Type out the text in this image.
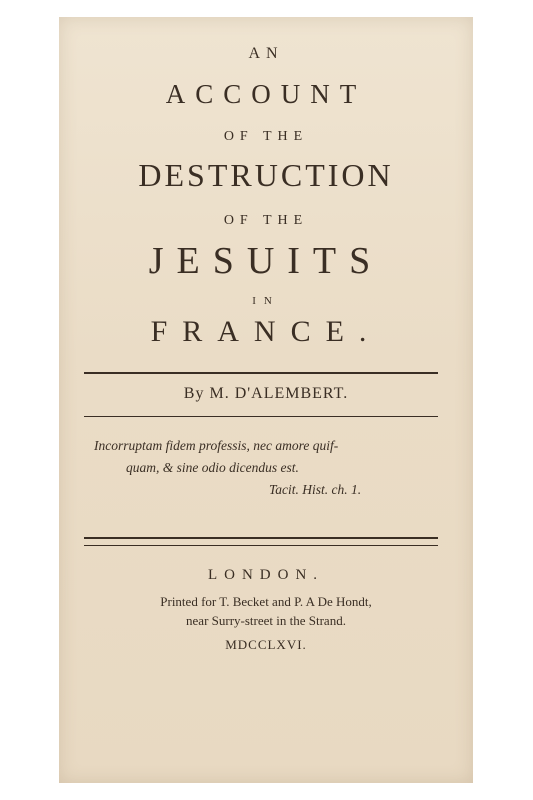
AN
ACCOUNT
OF THE
DESTRUCTION
OF THE
JESUITS
IN
FRANCE.
By M. D'ALEMBERT.
Incorruptam fidem professis, nec amore quif-
quam, & sine odio dicendus est.
Tacit. Hist. ch. 1.
LONDON.
Printed for T. Becket and P. A De Hondt,
near Surry-street in the Strand.
MDCCLXVI.
